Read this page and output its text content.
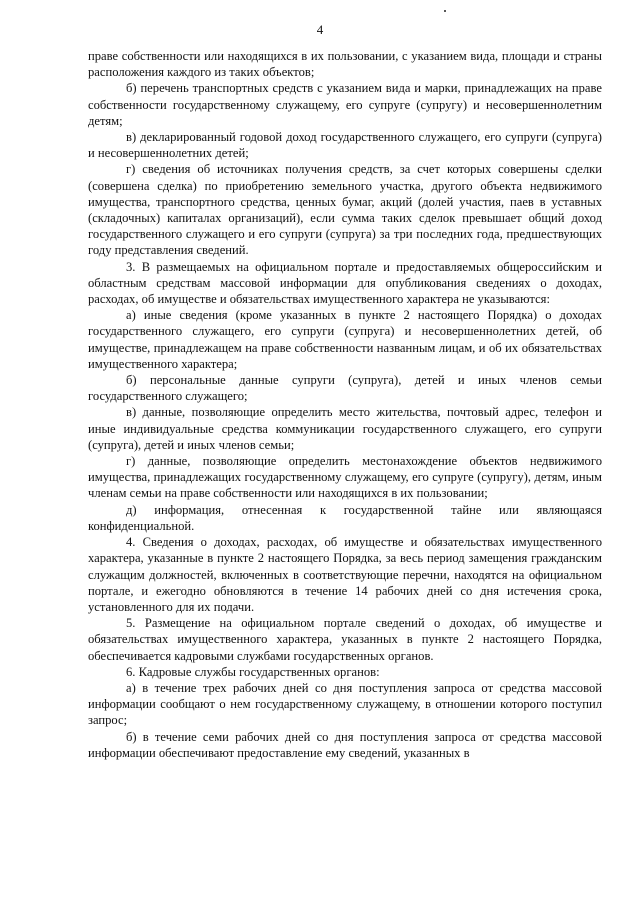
4

праве собственности или находящихся в их пользовании, с указанием вида, площади и страны расположения каждого из таких объектов;

б) перечень транспортных средств с указанием вида и марки, принадлежащих на праве собственности государственному служащему, его супруге (супругу) и несовершеннолетним детям;

в) декларированный годовой доход государственного служащего, его супруги (супруга) и несовершеннолетних детей;

г) сведения об источниках получения средств, за счет которых совершены сделки (совершена сделка) по приобретению земельного участка, другого объекта недвижимого имущества, транспортного средства, ценных бумаг, акций (долей участия, паев в уставных (складочных) капиталах организаций), если сумма таких сделок превышает общий доход государственного служащего и его супруги (супруга) за три последних года, предшествующих году представления сведений.

3. В размещаемых на официальном портале и предоставляемых общероссийским и областным средствам массовой информации для опубликования сведениях о доходах, расходах, об имуществе и обязательствах имущественного характера не указываются:

а) иные сведения (кроме указанных в пункте 2 настоящего Порядка) о доходах государственного служащего, его супруги (супруга) и несовершеннолетних детей, об имуществе, принадлежащем на праве собственности названным лицам, и об их обязательствах имущественного характера;

б) персональные данные супруги (супруга), детей и иных членов семьи государственного служащего;

в) данные, позволяющие определить место жительства, почтовый адрес, телефон и иные индивидуальные средства коммуникации государственного служащего, его супруги (супруга), детей и иных членов семьи;

г) данные, позволяющие определить местонахождение объектов недвижимого имущества, принадлежащих государственному служащему, его супруге (супругу), детям, иным членам семьи на праве собственности или находящихся в их пользовании;

д) информация, отнесенная к государственной тайне или являющаяся конфиденциальной.

4. Сведения о доходах, расходах, об имуществе и обязательствах имущественного характера, указанные в пункте 2 настоящего Порядка, за весь период замещения гражданским служащим должностей, включенных в соответствующие перечни, находятся на официальном портале, и ежегодно обновляются в течение 14 рабочих дней со дня истечения срока, установленного для их подачи.

5. Размещение на официальном портале сведений о доходах, об имуществе и обязательствах имущественного характера, указанных в пункте 2 настоящего Порядка, обеспечивается кадровыми службами государственных органов.

6. Кадровые службы государственных органов:

а) в течение трех рабочих дней со дня поступления запроса от средства массовой информации сообщают о нем государственному служащему, в отношении которого поступил запрос;

б) в течение семи рабочих дней со дня поступления запроса от средства массовой информации обеспечивают предоставление ему сведений, указанных в
